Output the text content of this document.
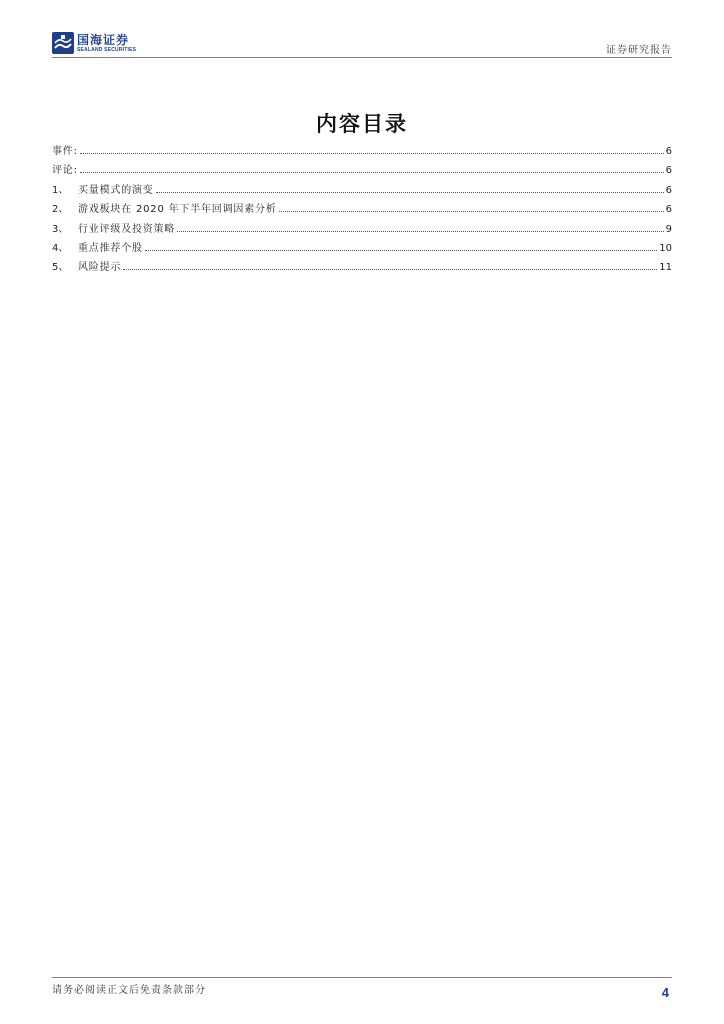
国海证券
SEALAND SECURITIES	证券研究报告
内容目录
事件:	6
评论:	6
1、 买量模式的演变	6
2、 游戏板块在 2020 年下半年回调因素分析	6
3、 行业评级及投资策略	9
4、 重点推荐个股	10
5、 风险提示	11
请务必阅读正文后免责条款部分	4
